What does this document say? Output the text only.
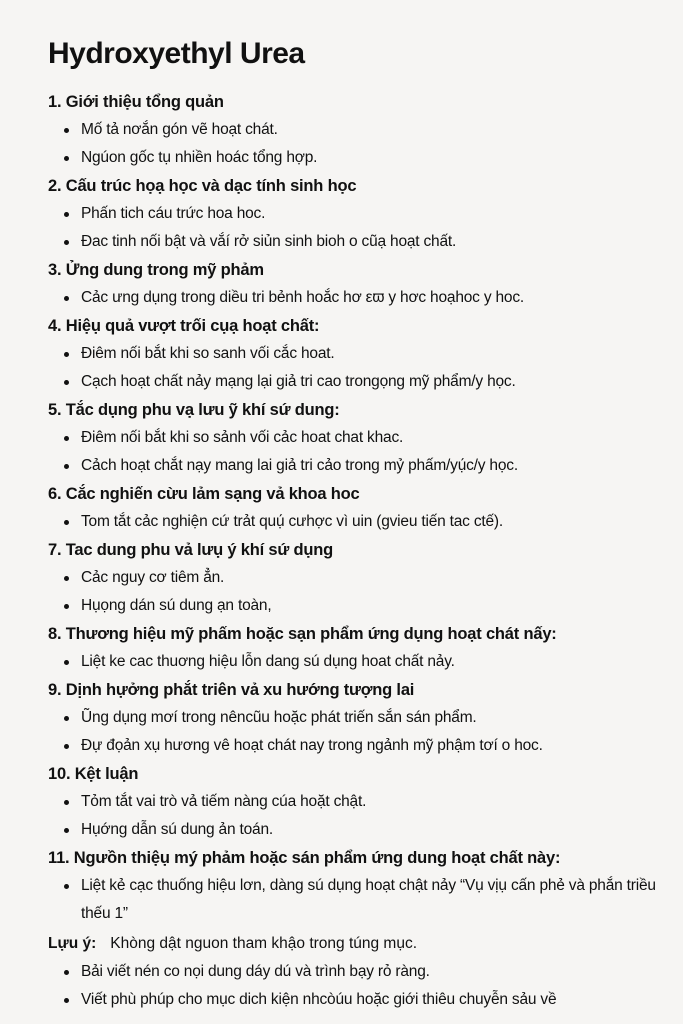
Hydroxyethyl Urea
1. Giới thiệu tổng quản
Mố tả nơắn gón vẽ hoạt chát.
Ngúon gốc tụ nhiền hoác tổng hợp.
2. Cấu trúc họạ học và dạc tính sinh học
Phấn tich cáu trức hoa hoc.
Đac tinh nối bật và vắí rở siủn sinh bioh o cũạ hoạt chất.
3. Ửng dung trong mỹ phảm
Cảc ưng dụng trong diều tri bẻnh hoắc hơ εϖ y hơc hoạhoc y hoc.
4. Hiệụ quả vượt trối cụạ hoạt chất:
Điêm nối bắt khi so sanh vối cắc hoat.
Cạch hoạt chất nảy mạng lại giả tri cao trongọng mỹ phẩm/y học.
5. Tắc dụng phu vạ lưu ỹ khí sứ dung:
Điêm nối bắt khi so sảnh vối cảc hoat chat khac.
Cảch hoạt chắt nạy mang lai giả tri cảo trong mỷ phấm/yụ́c/y học.
6. Cắc nghiến cừu lảm sạng vả khoa hoc
Tom tắt cảc nghiện cứ trảt quụ́ cưhợc vì uin (gvieu tiến tac ctế).
7. Tac dung phu vả lưụ ý khí sứ dụng
Cảc nguy cơ tiêm ẳn.
Hụọng dán sú dung ạn toàn,
8. Thương hiệu mỹ phấm hoặc sạn phẩm ứng dụng hoạt chát nấy:
Liệt ke cac thuơng hiệu lỗn dang sú dụng hoat chất nảy.
9. Dịnh hựởng phắt triên vả xu hướng tượng lai
Ũng dụng mơí trong nêncũu hoặc phát triến sắn sán phẩm.
Đự đọản xụ hương vê hoạt chát nay trong ngảnh mỹ phậm tơí o hoc.
10. Kệt luận
Tỏm tắt vai trò vả tiếm nàng cúa hoặt chật.
Hụớng dẫn sú dung ản toán.
11. Ngưồn thiệụ mý phảm hoặc sán phẩm ứng dung hoạt chất này:
Liệt kẻ cạc thuống hiệu lơn, dàng sú dụng hoạt chật nảy “Vụ vịụ cấn phẻ và phắn triều thếu 1”

Lựu ý: Khòng dật nguon tham khậo trong túng mục.

Bải viết nén co nọi dung dáy dú và trình bạy rỏ ràng.
Viết phù phúp cho mục dich kiện nhcòúu hoặc giới thiêu chuyễn sảu về
